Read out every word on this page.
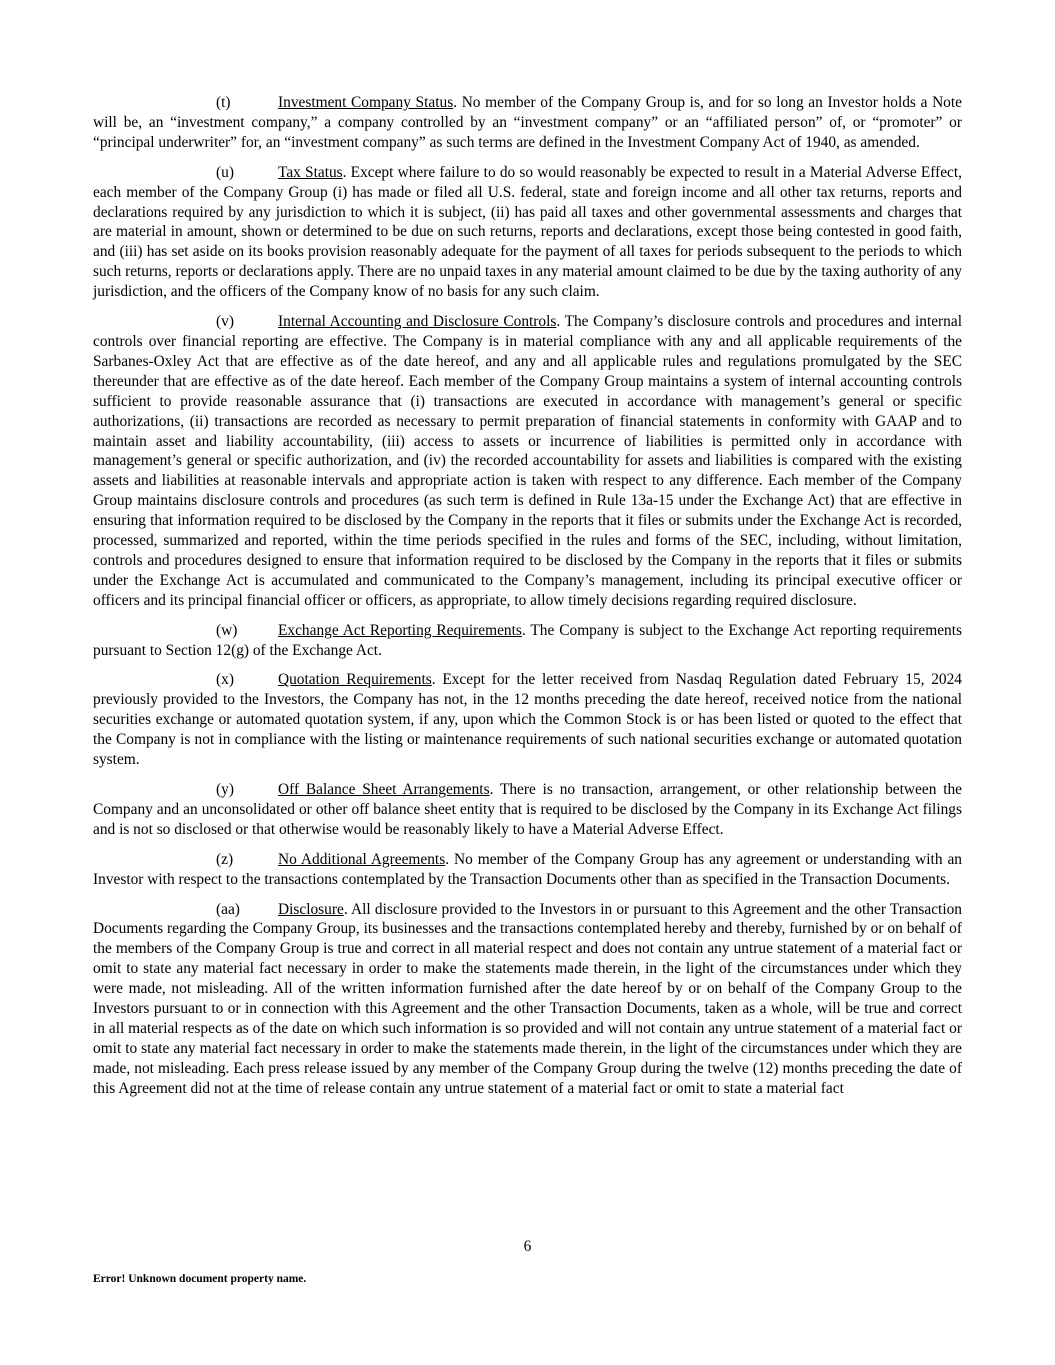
(t)	Investment Company Status. No member of the Company Group is, and for so long an Investor holds a Note will be, an “investment company,” a company controlled by an “investment company” or an “affiliated person” of, or “promoter” or “principal underwriter” for, an “investment company” as such terms are defined in the Investment Company Act of 1940, as amended.

(u)	Tax Status. Except where failure to do so would reasonably be expected to result in a Material Adverse Effect, each member of the Company Group (i) has made or filed all U.S. federal, state and foreign income and all other tax returns, reports and declarations required by any jurisdiction to which it is subject, (ii) has paid all taxes and other governmental assessments and charges that are material in amount, shown or determined to be due on such returns, reports and declarations, except those being contested in good faith, and (iii) has set aside on its books provision reasonably adequate for the payment of all taxes for periods subsequent to the periods to which such returns, reports or declarations apply. There are no unpaid taxes in any material amount claimed to be due by the taxing authority of any jurisdiction, and the officers of the Company know of no basis for any such claim.

(v)	Internal Accounting and Disclosure Controls. The Company’s disclosure controls and procedures and internal controls over financial reporting are effective. The Company is in material compliance with any and all applicable requirements of the Sarbanes-Oxley Act that are effective as of the date hereof, and any and all applicable rules and regulations promulgated by the SEC thereunder that are effective as of the date hereof. Each member of the Company Group maintains a system of internal accounting controls sufficient to provide reasonable assurance that (i) transactions are executed in accordance with management’s general or specific authorizations, (ii) transactions are recorded as necessary to permit preparation of financial statements in conformity with GAAP and to maintain asset and liability accountability, (iii) access to assets or incurrence of liabilities is permitted only in accordance with management’s general or specific authorization, and (iv) the recorded accountability for assets and liabilities is compared with the existing assets and liabilities at reasonable intervals and appropriate action is taken with respect to any difference. Each member of the Company Group maintains disclosure controls and procedures (as such term is defined in Rule 13a-15 under the Exchange Act) that are effective in ensuring that information required to be disclosed by the Company in the reports that it files or submits under the Exchange Act is recorded, processed, summarized and reported, within the time periods specified in the rules and forms of the SEC, including, without limitation, controls and procedures designed to ensure that information required to be disclosed by the Company in the reports that it files or submits under the Exchange Act is accumulated and communicated to the Company’s management, including its principal executive officer or officers and its principal financial officer or officers, as appropriate, to allow timely decisions regarding required disclosure.

(w)	Exchange Act Reporting Requirements. The Company is subject to the Exchange Act reporting requirements pursuant to Section 12(g) of the Exchange Act.

(x)	Quotation Requirements. Except for the letter received from Nasdaq Regulation dated February 15, 2024 previously provided to the Investors, the Company has not, in the 12 months preceding the date hereof, received notice from the national securities exchange or automated quotation system, if any, upon which the Common Stock is or has been listed or quoted to the effect that the Company is not in compliance with the listing or maintenance requirements of such national securities exchange or automated quotation system.

(y)	Off Balance Sheet Arrangements. There is no transaction, arrangement, or other relationship between the Company and an unconsolidated or other off balance sheet entity that is required to be disclosed by the Company in its Exchange Act filings and is not so disclosed or that otherwise would be reasonably likely to have a Material Adverse Effect.

(z)	No Additional Agreements. No member of the Company Group has any agreement or understanding with an Investor with respect to the transactions contemplated by the Transaction Documents other than as specified in the Transaction Documents.

(aa) Disclosure. All disclosure provided to the Investors in or pursuant to this Agreement and the other Transaction Documents regarding the Company Group, its businesses and the transactions contemplated hereby and thereby, furnished by or on behalf of the members of the Company Group is true and correct in all material respect and does not contain any untrue statement of a material fact or omit to state any material fact necessary in order to make the statements made therein, in the light of the circumstances under which they were made, not misleading. All of the written information furnished after the date hereof by or on behalf of the Company Group to the Investors pursuant to or in connection with this Agreement and the other Transaction Documents, taken as a whole, will be true and correct in all material respects as of the date on which such information is so provided and will not contain any untrue statement of a material fact or omit to state any material fact necessary in order to make the statements made therein, in the light of the circumstances under which they are made, not misleading. Each press release issued by any member of the Company Group during the twelve (12) months preceding the date of this Agreement did not at the time of release contain any untrue statement of a material fact or omit to state a material fact

6
Error! Unknown document property name.
